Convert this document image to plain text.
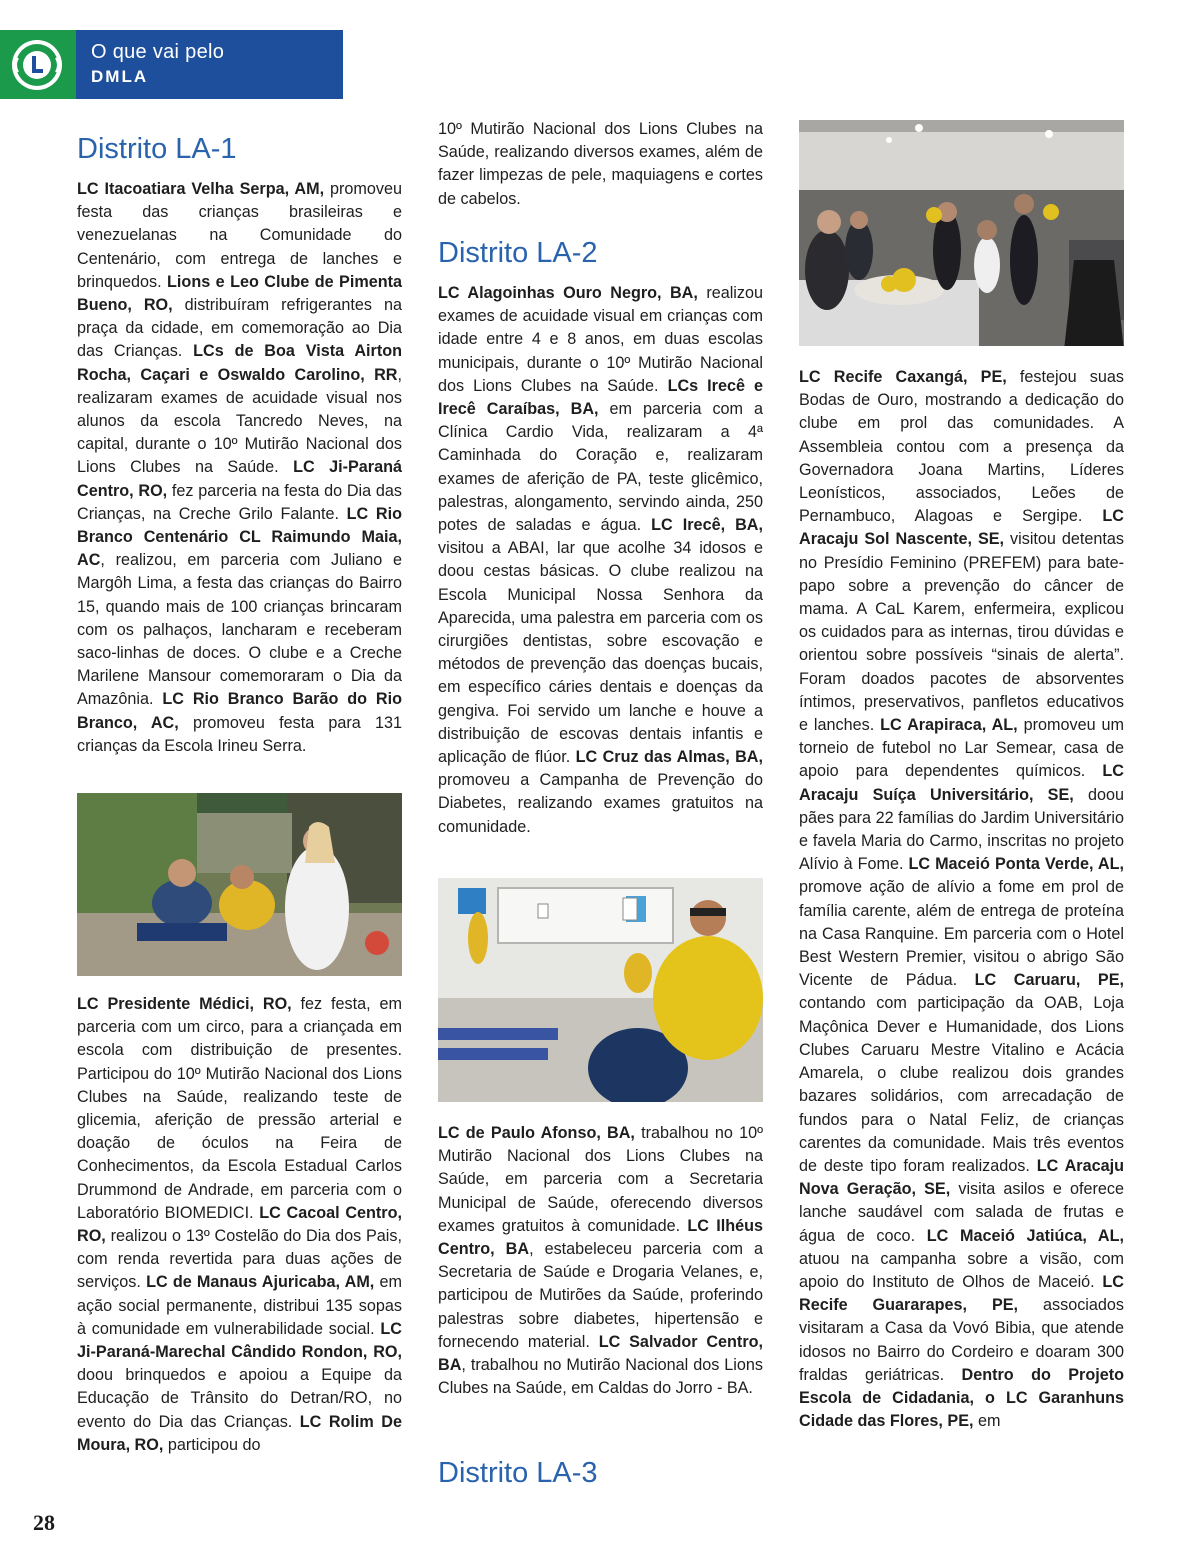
O que vai pelo
DMLA
Distrito LA-1

LC Itacoatiara Velha Serpa, AM, promoveu festa das crianças brasileiras e venezuelanas na Comunidade do Centenário, com entrega de lanches e brinquedos. Lions e Leo Clube de Pimenta Bueno, RO, distribuíram refrigerantes na praça da cidade, em comemoração ao Dia das Crianças. LCs de Boa Vista Airton Rocha, Caçari e Oswaldo Carolino, RR, realizaram exames de acuidade visual nos alunos da escola Tancredo Neves, na capital, durante o 10º Mutirão Nacional dos Lions Clubes na Saúde. LC Ji-Paraná Centro, RO, fez parceria na festa do Dia das Crianças, na Creche Grilo Falante. LC Rio Branco Centenário CL Raimundo Maia, AC, realizou, em parceria com Juliano e Margôh Lima, a festa das crianças do Bairro 15, quando mais de 100 crianças brincaram com os palhaços, lancharam e receberam saco-linhas de doces. O clube e a Creche Marilene Mansour comemoraram o Dia da Amazônia. LC Rio Branco Barão do Rio Branco, AC, promoveu festa para 131 crianças da Escola Irineu Serra.

LC Presidente Médici, RO, fez festa, em parceria com um circo, para a criançada em escola com distribuição de presentes. Participou do 10º Mutirão Nacional dos Lions Clubes na Saúde, realizando teste de glicemia, aferição de pressão arterial e doação de óculos na Feira de Conhecimentos, da Escola Estadual Carlos Drummond de Andrade, em parceria com o Laboratório BIOMEDICI. LC Cacoal Centro, RO, realizou o 13º Costelão do Dia dos Pais, com renda revertida para duas ações de serviços. LC de Manaus Ajuricaba, AM, em ação social permanente, distribui 135 sopas à comunidade em vulnerabilidade social. LC Ji-Paraná-Marechal Cândido Rondon, RO, doou brinquedos e apoiou a Equipe da Educação de Trânsito do Detran/RO, no evento do Dia das Crianças. LC Rolim De Moura, RO, participou do

10º Mutirão Nacional dos Lions Clubes na Saúde, realizando diversos exames, além de fazer limpezas de pele, maquiagens e cortes de cabelos.

Distrito LA-2

LC Alagoinhas Ouro Negro, BA, realizou exames de acuidade visual em crianças com idade entre 4 e 8 anos, em duas escolas municipais, durante o 10º Mutirão Nacional dos Lions Clubes na Saúde. LCs Irecê e Irecê Caraíbas, BA, em parceria com a Clínica Cardio Vida, realizaram a 4ª Caminhada do Coração e, realizaram exames de aferição de PA, teste glicêmico, palestras, alongamento, servindo ainda, 250 potes de saladas e água. LC Irecê, BA, visitou a ABAI, lar que acolhe 34 idosos e doou cestas básicas. O clube realizou na Escola Municipal Nossa Senhora da Aparecida, uma palestra em parceria com os cirurgiões dentistas, sobre escovação e métodos de prevenção das doenças bucais, em específico cáries dentais e doenças da gengiva. Foi servido um lanche e houve a distribuição de escovas dentais infantis e aplicação de flúor. LC Cruz das Almas, BA, promoveu a Campanha de Prevenção do Diabetes, realizando exames gratuitos na comunidade.

LC de Paulo Afonso, BA, trabalhou no 10º Mutirão Nacional dos Lions Clubes na Saúde, em parceria com a Secretaria Municipal de Saúde, oferecendo diversos exames gratuitos à comunidade. LC Ilhéus Centro, BA, estabeleceu parceria com a Secretaria de Saúde e Drogaria Velanes, e, participou de Mutirões da Saúde, proferindo palestras sobre diabetes, hipertensão e fornecendo material. LC Salvador Centro, BA, trabalhou no Mutirão Nacional dos Lions Clubes na Saúde, em Caldas do Jorro - BA.

Distrito LA-3

LC Recife Caxangá, PE, festejou suas Bodas de Ouro, mostrando a dedicação do clube em prol das comunidades. A Assembleia contou com a presença da Governadora Joana Martins, Líderes Leonísticos, associados, Leões de Pernambuco, Alagoas e Sergipe. LC Aracaju Sol Nascente, SE, visitou detentas no Presídio Feminino (PREFEM) para bate-papo sobre a prevenção do câncer de mama. A CaL Karem, enfermeira, explicou os cuidados para as internas, tirou dúvidas e orientou sobre possíveis “sinais de alerta”. Foram doados pacotes de absorventes íntimos, preservativos, panfletos educativos e lanches. LC Arapiraca, AL, promoveu um torneio de futebol no Lar Semear, casa de apoio para dependentes químicos. LC Aracaju Suíça Universitário, SE, doou pães para 22 famílias do Jardim Universitário e favela Maria do Carmo, inscritas no projeto Alívio à Fome. LC Maceió Ponta Verde, AL, promove ação de alívio a fome em prol de família carente, além de entrega de proteína na Casa Ranquine. Em parceria com o Hotel Best Western Premier, visitou o abrigo São Vicente de Pádua. LC Caruaru, PE, contando com participação da OAB, Loja Maçônica Dever e Humanidade, dos Lions Clubes Caruaru Mestre Vitalino e Acácia Amarela, o clube realizou dois grandes bazares solidários, com arrecadação de fundos para o Natal Feliz, de crianças carentes da comunidade. Mais três eventos de deste tipo foram realizados. LC Aracaju Nova Geração, SE, visita asilos e oferece lanche saudável com salada de frutas e água de coco. LC Maceió Jatiúca, AL, atuou na campanha sobre a visão, com apoio do Instituto de Olhos de Maceió. LC Recife Guararapes, PE, associados visitaram a Casa da Vovó Bibia, que atende idosos no Bairro do Cordeiro e doaram 300 fraldas geriátricas. Dentro do Projeto Escola de Cidadania, o LC Garanhuns Cidade das Flores, PE, em

28
